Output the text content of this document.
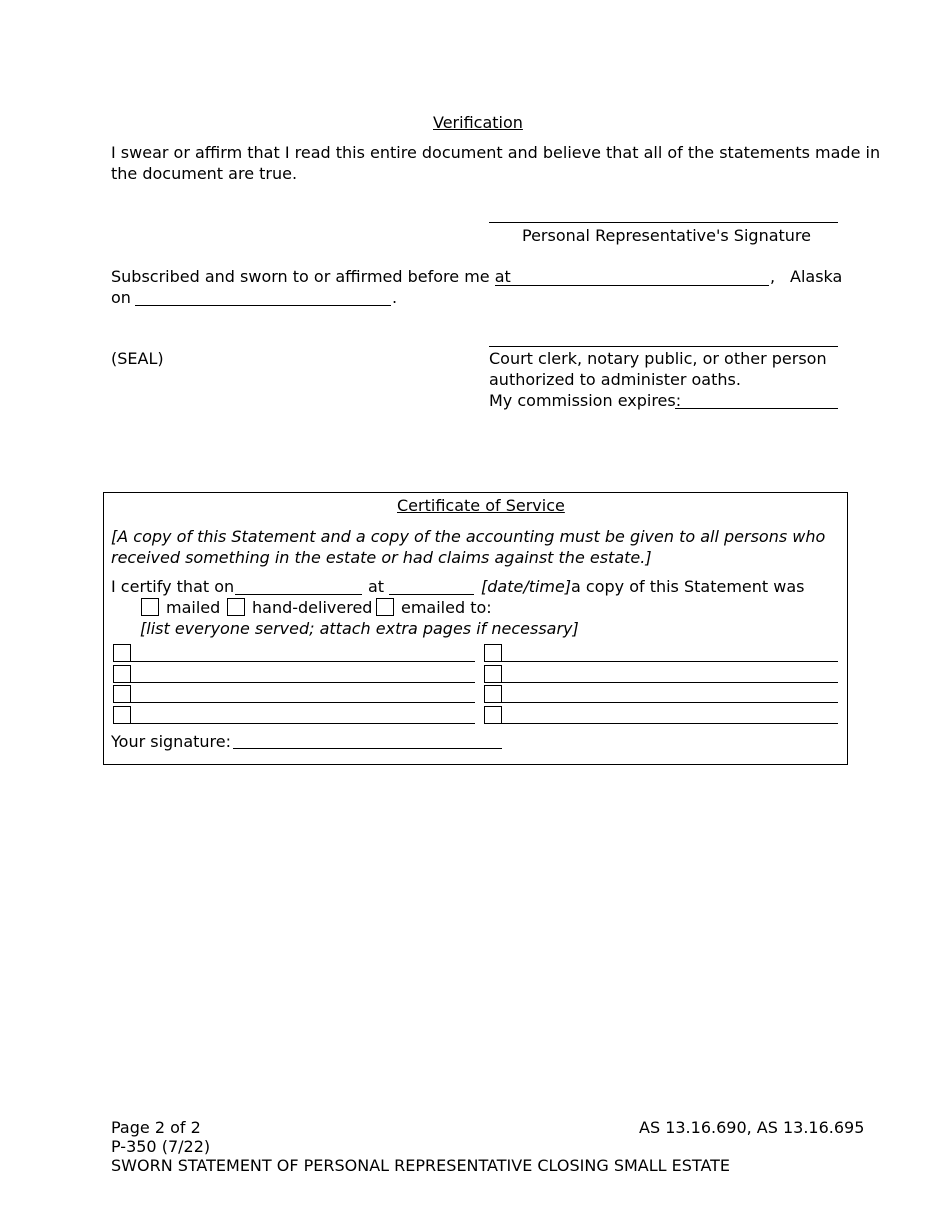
Verification
I swear or affirm that I read this entire document and believe that all of the statements made in
the document are true.
Personal Representative's Signature
Subscribed and sworn to or affirmed before me at	, Alaska
on	.
(SEAL)	Court clerk, notary public, or other person
authorized to administer oaths.
My commission expires:
Certificate of Service
[A copy of this Statement and a copy of the accounting must be given to all persons who
received something in the estate or had claims against the estate.]
I certify that on	at	[date/time] a copy of this Statement was
mailed hand-delivered emailed to:
[list everyone served; attach extra pages if necessary]
Your signature:
Page 2 of 2	AS 13.16.690, AS 13.16.695
P-350 (7/22)
SWORN STATEMENT OF PERSONAL REPRESENTATIVE CLOSING SMALL ESTATE
